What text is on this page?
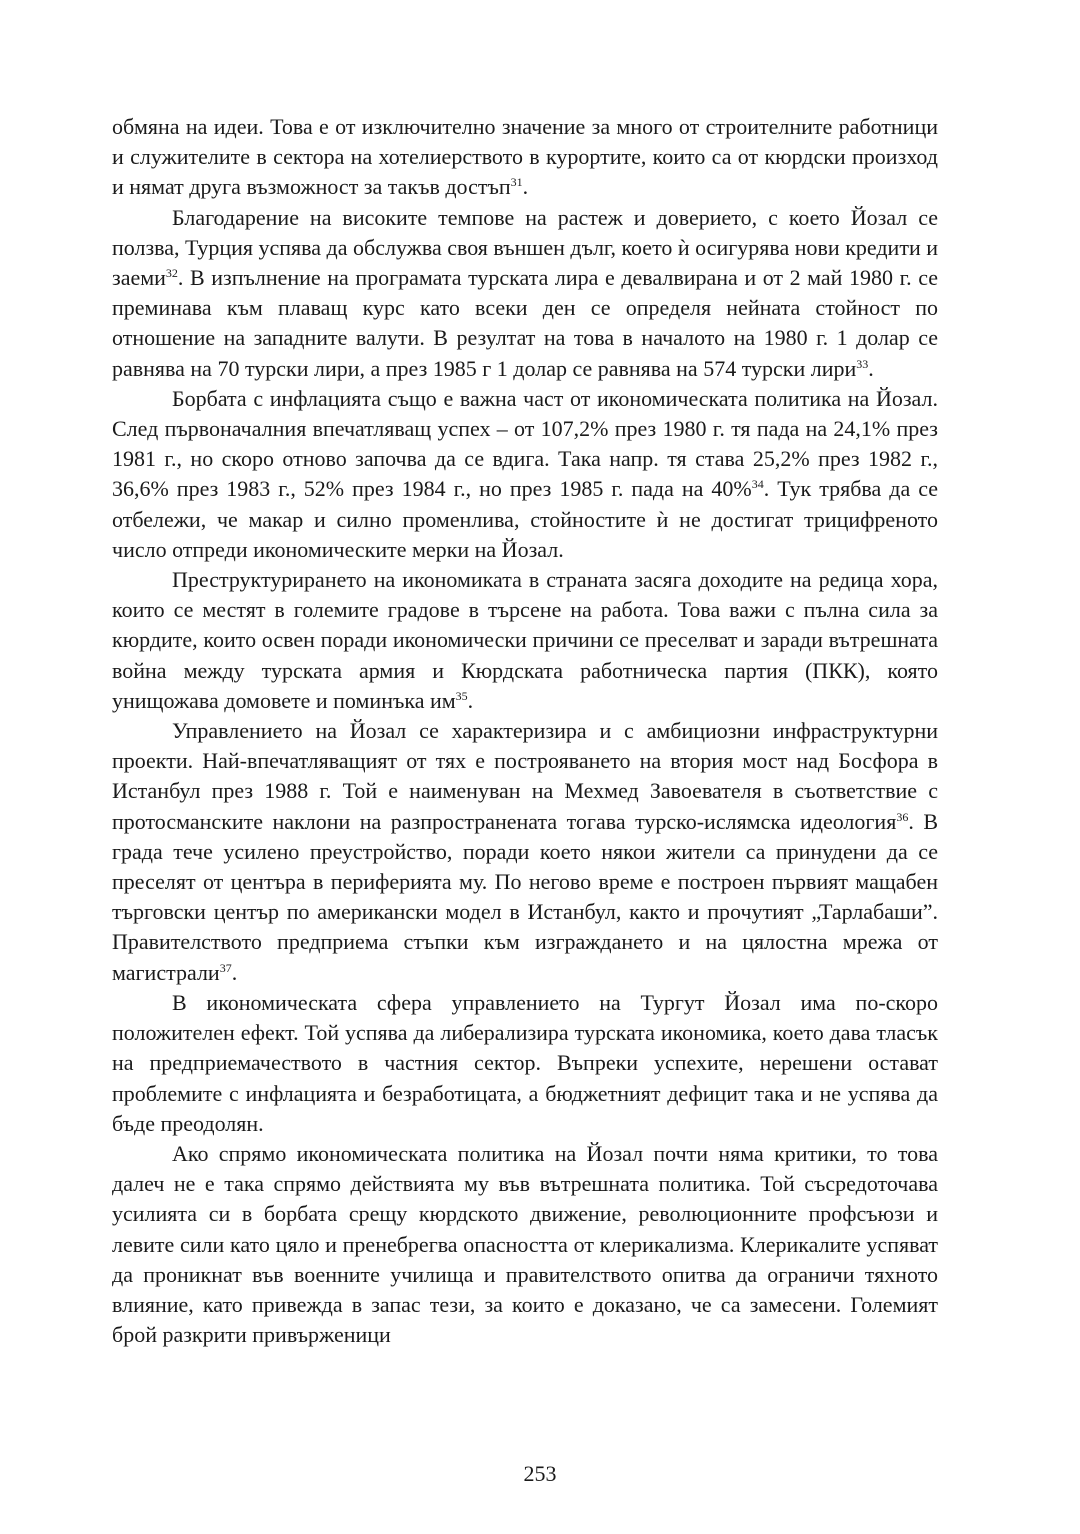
обмяна на идеи. Това е от изключително значение за много от строителните работници и служителите в сектора на хотелиерството в курортите, които са от кюрдски произход и нямат друга възможност за такъв достъп$^{31}$.

Благодарение на високите темпове на растеж и доверието, с което Йозал се ползва, Турция успява да обслужва своя външен дълг, което ѝ осигурява нови кредити и заеми$^{32}$. В изпълнение на програмата турската лира е девалвирана и от 2 май 1980 г. се преминава към плаващ курс като всеки ден се определя нейната стойност по отношение на западните валути. В резултат на това в началото на 1980 г. 1 долар се равнява на 70 турски лири, а през 1985 г 1 долар се равнява на 574 турски лири$^{33}$.

Борбата с инфлацията също е важна част от икономическата политика на Йозал. След първоначалния впечатляващ успех – от 107,2% през 1980 г. тя пада на 24,1% през 1981 г., но скоро отново започва да се вдига. Така напр. тя става 25,2% през 1982 г., 36,6% през 1983 г., 52% през 1984 г., но през 1985 г. пада на 40%$^{34}$. Тук трябва да се отбележи, че макар и силно променлива, стойностите ѝ не достигат трицифреното число отпреди икономическите мерки на Йозал.

Преструктурирането на икономиката в страната засяга доходите на редица хора, които се местят в големите градове в търсене на работа. Това важи с пълна сила за кюрдите, които освен поради икономически причини се преселват и заради вътрешната война между турската армия и Кюрдската работническа партия (ПКК), която унищожава домовете и поминъка $им^{35}$.

Управлението на Йозал се характеризира и с амбициозни инфраструктурни проекти. Най-впечатляващият от тях е построяването на втория мост над Босфора в Истанбул през 1988 г. Той е наименуван на Мехмед Завоевателя в съответствие с протосманските наклони на разпространената тогава турско-ислямска идеология$^{36}$. В града тече усилено преустройство, поради което някои жители са принудени да се преселят от центъра в периферията му. По негово време е построен първият мащабен търговски център по американски модел в Истанбул, както и прочутият „Тарлабаши”. Правителството предприема стъпки към изграждането и на цялостна мрежа от магистрали$^{37}$.

В икономическата сфера управлението на Тургут Йозал има по-скоро положителен ефект. Той успява да либерализира турската икономика, което дава тласък на предприемачеството в частния сектор. Въпреки успехите, нерешени остават проблемите с инфлацията и безработицата, а бюджетният дефицит така и не успява да бъде преодолян.

Ако спрямо икономическата политика на Йозал почти няма критики, то това далеч не е така спрямо действията му във вътрешната политика. Той съсредоточава усилията си в борбата срещу кюрдското движение, революционните профсъюзи и левите сили като цяло и пренебрегва опасността от клерикализма. Клерикалите успяват да проникнат във военните училища и правителството опитва да ограничи тяхното влияние, като привежда в запас тези, за които е доказано, че са замесени. Големият брой разкрити привърженици

253
